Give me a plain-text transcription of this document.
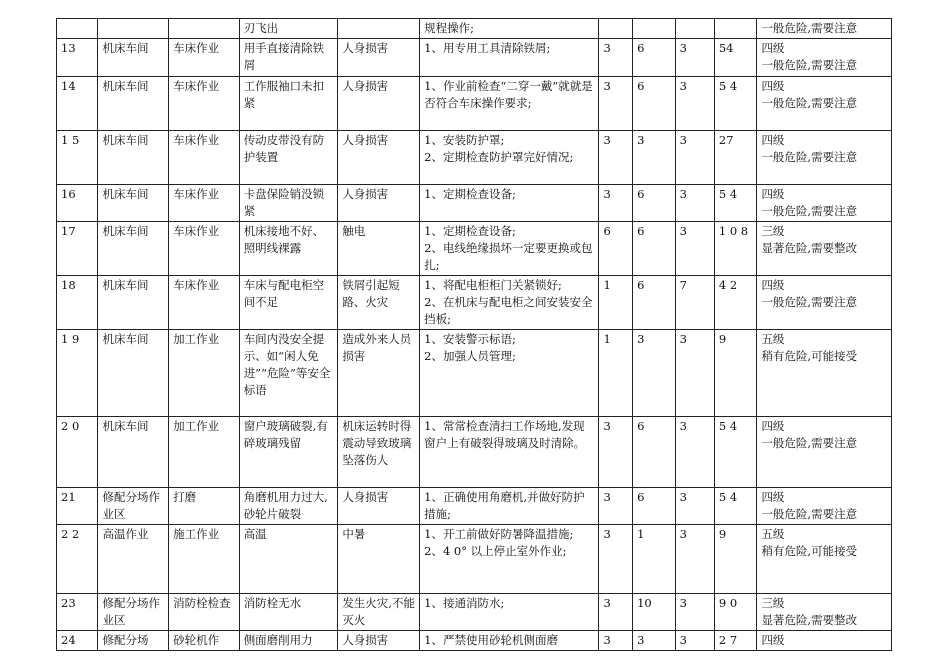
			刃飞出		规程操作;					一般危险,需要注意

13	机床车间	车床作业	用手直接清除铁屑	人身损害	1、用专用工具清除铁屑;	3	6	3	54	四级
一般危险,需要注意

14	机床车间	车床作业	工作服袖口未扣紧	人身损害	1、作业前检查“二穿一戴”就就是否符合车床操作要求;	3	6	3	5 4	四级
一般危险,需要注意

1 5	机床车间	车床作业	传动皮带没有防护装置	人身损害	1、安装防护罩;
2、定期检查防护罩完好情况;	3	3	3	27	四级
一般危险,需要注意

16	机床车间	车床作业	卡盘保险销没锁紧	人身损害	1、定期检查设备;	3	6	3	5 4	四级
一般危险,需要注意

17	机床车间	车床作业	机床接地不好、照明线裸露	触电	1、定期检查设备;
2、电线绝缘损坏一定要更换或包扎;	6	6	3	1 0 8	三级
显著危险,需要整改

18	机床车间	车床作业	车床与配电柜空间不足	铁屑引起短路、火灾	1、将配电柜柜门关紧锁好;
2、在机床与配电柜之间安装安全挡板;	1	6	7	4 2	四级
一般危险,需要注意

1 9	机床车间	加工作业	车间内没安全提示、如“闲人免进”“危险”等安全标语	造成外来人员损害	1、安装警示标语;
2、加强人员管理;	1	3	3	9	五级
稍有危险,可能接受

2 0	机床车间	加工作业	窗户玻璃破裂,有碎玻璃残留	机床运转时得震动导致玻璃坠落伤人	1、常常检查清扫工作场地,发现窗户上有破裂得玻璃及时清除。	3	6	3	5 4	四级
一般危险,需要注意

21	修配分场作业区	打磨	角磨机用力过大,砂轮片破裂	人身损害	1、正确使用角磨机,并做好防护措施;	3	6	3	5 4	四级
一般危险,需要注意

2 2	高温作业	施工作业	高温	中暑	1、开工前做好防暑降温措施;
2、4 0° 以上停止室外作业;	3	1	3	9	五级
稍有危险,可能接受

23	修配分场作业区	消防栓检查	消防栓无水	发生火灾,不能灭火	1、接通消防水;	3	10	3	9 0	三级
显著危险,需要整改

24	修配分场	砂轮机作	侧面磨削用力	人身损害	1、严禁使用砂轮机侧面磨	3	3	3	2 7	四级
